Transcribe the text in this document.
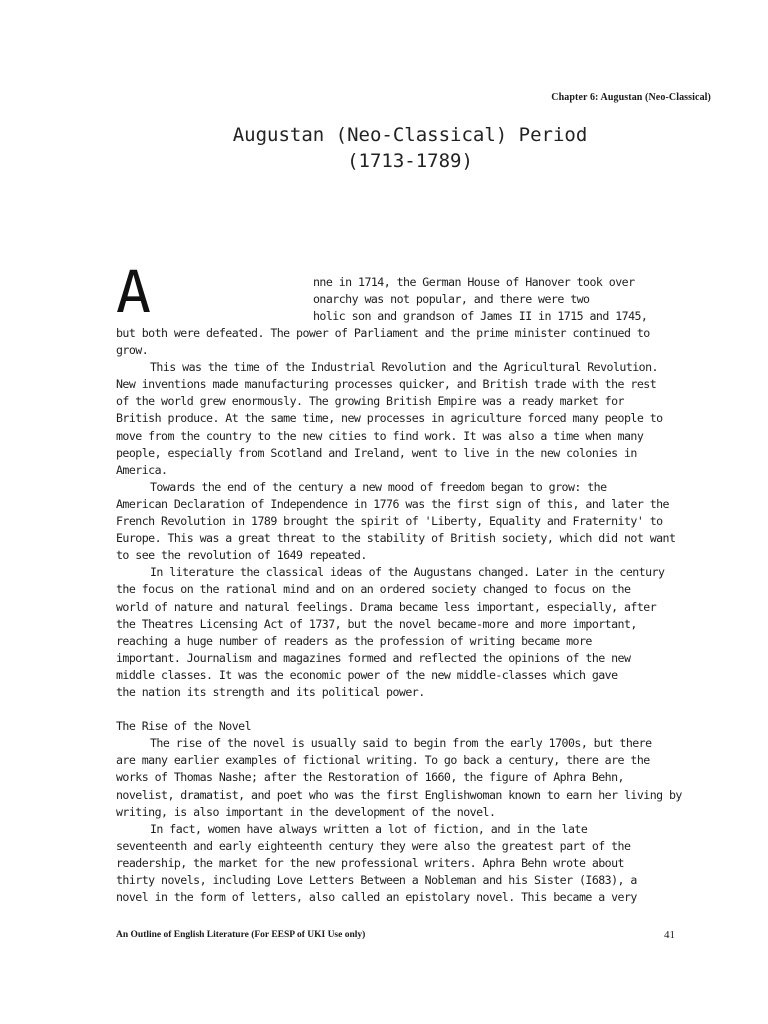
Chapter 6: Augustan (Neo-Classical)
Augustan (Neo-Classical) Period
(1713-1789)
A	nne in 1714, the German House of Hanover took over
onarchy was not popular, and there were two
holic son and grandson of James II in 1715 and 1745,
but both were defeated. The power of Parliament and the prime minister continued to
grow.
This was the time of the Industrial Revolution and the Agricultural Revolution.
New inventions made manufacturing processes quicker, and British trade with the rest
of the world grew enormously. The growing British Empire was a ready market for
British produce. At the same time, new processes in agriculture forced many people to
move from the country to the new cities to find work. It was also a time when many
people, especially from Scotland and Ireland, went to live in the new colonies in
America.
Towards the end of the century a new mood of freedom began to grow: the
American Declaration of Independence in 1776 was the first sign of this, and later the
French Revolution in 1789 brought the spirit of 'Liberty, Equality and Fraternity' to
Europe. This was a great threat to the stability of British society, which did not want
to see the revolution of 1649 repeated.
In literature the classical ideas of the Augustans changed. Later in the century
the focus on the rational mind and on an ordered society changed to focus on the
world of nature and natural feelings. Drama became less important, especially, after
the Theatres Licensing Act of 1737, but the novel became-more and more important,
reaching a huge number of readers as the profession of writing became more
important. Journalism and magazines formed and reflected the opinions of the new
middle classes. It was the economic power of the new middle-classes which gave
the nation its strength and its political power.
The Rise of the Novel
The rise of the novel is usually said to begin from the early 1700s, but there
are many earlier examples of fictional writing. To go back a century, there are the
works of Thomas Nashe; after the Restoration of 1660, the figure of Aphra Behn,
novelist, dramatist, and poet who was the first Englishwoman known to earn her living by
writing, is also important in the development of the novel.
In fact, women have always written a lot of fiction, and in the late
seventeenth and early eighteenth century they were also the greatest part of the
readership, the market for the new professional writers. Aphra Behn wrote about
thirty novels, including Love Letters Between a Nobleman and his Sister (I683), a
novel in the form of letters, also called an epistolary novel. This became a very
An Outline of English Literature (For EESP of UKI Use only)	41
